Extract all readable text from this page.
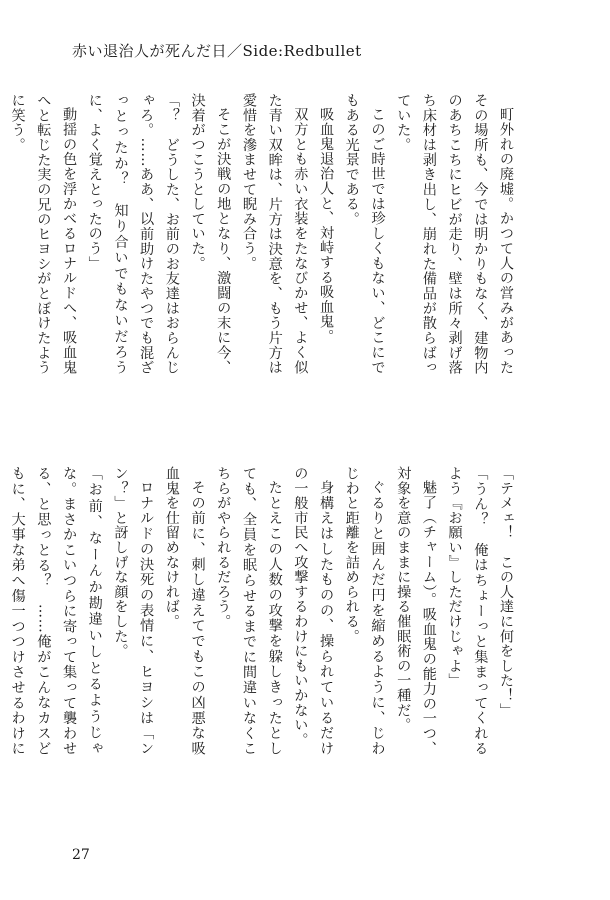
赤い退治人が死んだ日／Side:Redbullet

町外れの廃墟。かつて人の営みがあったその場所も、今では明かりもなく、建物内のあちこちにヒビが走り、壁は所々剥げ落ち床材は剥き出し、崩れた備品が散らばっていた。

このご時世では珍しくもない、どこにでもある光景である。

吸血鬼退治人と、対峙する吸血鬼。

双方とも赤い衣装をたなびかせ、よく似た青い双眸は、片方は決意を、もう片方は愛惜を滲ませて睨み合う。

そこが決戦の地となり、激闘の末に今、決着がつこうとしていた。

「？　どうした、お前のお友達はおらんじゃろ。……ああ、以前助けたやつでも混ざっとったか？　知り合いでもないだろうに、よく覚えとったのう」

動揺の色を浮かべるロナルドへ、吸血鬼へと転じた実の兄のヒヨシがとぼけたように笑う。

「テメェ！　この人達に何をした！」

「うん？　俺はちょーっと集まってくれるよう『お願い』しただけじゃよ」

魅了（チャーム）。吸血鬼の能力の一つ、対象を意のままに操る催眠術の一種だ。

ぐるりと囲んだ円を縮めるように、じわじわと距離を詰められる。

身構えはしたものの、操られているだけの一般市民へ攻撃するわけにもいかない。

たとえこの人数の攻撃を躱しきったとしても、全員を眠らせるまでに間違いなくこちらがやられるだろう。

その前に、刺し違えてでもこの凶悪な吸血鬼を仕留めなければ。

ロナルドの決死の表情に、ヒヨシは「ンン？」と訝しげな顔をした。

「お前、なーんか勘違いしとるようじゃな。まさかこいつらに寄って集って襲わせる、と思っとる？　……俺がこんなカスどもに、大事な弟へ傷一つつけさせるわけに

27
